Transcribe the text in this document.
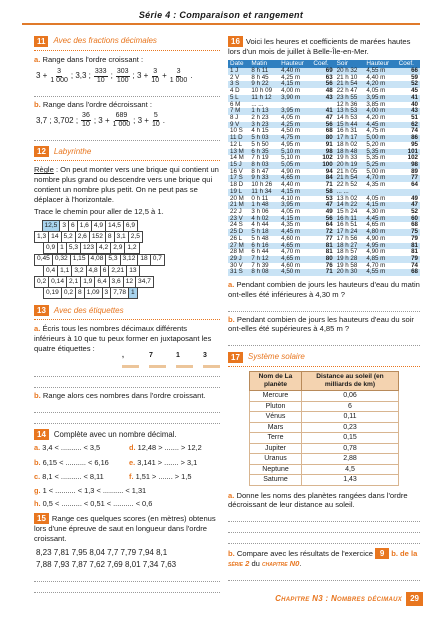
Série 4 : Comparaison et rangement
11	Avec des fractions décimales
a. Range dans l'ordre croissant :
$3 + \frac{3}{1 000}$ ; 3,3 ; $\frac{333}{10}$ ; $\frac{303}{100}$ ; $3 + \frac{3}{10} + \frac{3}{1 000}$ .
b. Range dans l'ordre décroissant :
3,7 ; 3,702 ; $\frac{36}{10}$ ; $3 + \frac{689}{1 000}$ ; $3 + \frac{5}{10}$ .
12	Labyrinthe
Règle : On peut monter vers une brique qui contient un nombre plus grand ou descendre vers une brique qui contient un nombre plus petit. On ne peut pas se déplacer à l'horizontale.
Trace le chemin pour aller de 12,5 à 1.
	12,5	3	6	1,6	4,9	14,5	6,9
1,3	14	5,2	2,6	152	8	3,1	2,5
0,9	1	5,3	123	4,2	2,9	1,2
0,45	0,32	1,15	4,08	5,3	3,12	18	0,7
0,4	1,1	3,2	4,8	6	2,21	13
0,2	0,14	2,1	1,9	6,4	3,6	12	34,7
0,19	0,2	8	1,09	3	7,78	1
13	Avec des étiquettes
a. Écris tous les nombres décimaux différents inférieurs à 10 que tu peux former en juxtaposant les quatre étiquettes :
,	7	1	3
b. Range alors ces nombres dans l'ordre croissant.
14	Complète avec un nombre décimal.
a. 3,4 < .......... < 3,5	d. 12,48 > ....... > 12,2
b. 6,15 < .......... < 6,16	e. 3,141 > ....... > 3,1
c. 8,1 < .......... < 8,11	f. 1,51 > ....... > 1,5
g. 1 < .......... < 1,3 < .......... < 1,31
h. 0,5 < .......... < 0,51 < .......... < 0,6
15 Range ces quelques scores (en mètres) obtenus lors d'une épreuve de saut en longueur dans l'ordre croissant.
8,23 7,81 7,95 8,04 7,7 7,79 7,94 8,1
7,88 7,93 7,87 7,62 7,69 8,01 7,34 7,63
16 Voici les heures et coefficients de marées hautes lors d'un mois de juillet à Belle-Île-en-Mer.
Date	Matin	Hauteur	Coef.	Soir	Hauteur	Coef.
1 J	8 h 11	4,40 m	69	20 h 32	4,55 m	66
2 V	8 h 45	4,25 m	63	21 h 10	4,40 m	59
3 S	9 h 22	4,15 m	56	21 h 54	4,20 m	52
4 D	10 h 09	4,00 m	48	22 h 47	4,05 m	45
5 L	11 h 12	3,90 m	43	23 h 55	3,95 m	41
6 M	... ...			12 h 36	3,85 m	40
7 M	1 h 13	3,95 m	41	13 h 53	4,00 m	43
8 J	2 h 23	4,05 m	47	14 h 53	4,20 m	51
9 V	3 h 23	4,25 m	56	15 h 44	4,45 m	62
10 S	4 h 15	4,50 m	68	16 h 31	4,75 m	74
11 D	5 h 03	4,75 m	80	17 h 17	5,00 m	86
12 L	5 h 50	4,95 m	91	18 h 02	5,20 m	95
13 M	6 h 35	5,10 m	98	18 h 48	5,35 m	101
14 M	7 h 19	5,10 m	102	19 h 33	5,35 m	102
15 J	8 h 03	5,05 m	100	20 h 19	5,25 m	98
16 V	8 h 47	4,90 m	94	21 h 05	5,00 m	89
17 S	9 h 33	4,65 m	84	21 h 54	4,70 m	77
18 D	10 h 26	4,40 m	71	22 h 52	4,35 m	64
19 L	11 h 34	4,15 m	58	... ...		
20 M	0 h 11	4,10 m	53	13 h 02	4,05 m	49
21 M	1 h 48	3,95 m	47	14 h 22	4,15 m	47
22 J	3 h 06	4,05 m	49	15 h 24	4,30 m	52
23 V	4 h 02	4,15 m	56	16 h 11	4,45 m	60
24 S	4 h 44	4,35 m	64	16 h 51	4,65 m	68
25 D	5 h 18	4,45 m	72	17 h 24	4,80 m	75
26 L	5 h 48	4,60 m	77	17 h 56	4,90 m	79
27 M	6 h 16	4,65 m	81	18 h 27	4,95 m	81
28 M	6 h 44	4,70 m	81	18 h 57	4,90 m	81
29 J	7 h 12	4,65 m	80	19 h 28	4,85 m	79
30 V	7 h 39	4,60 m	76	19 h 58	4,70 m	74
31 S	8 h 08	4,50 m	71	20 h 30	4,55 m	68
a. Pendant combien de jours les hauteurs d'eau du matin ont-elles été inférieures à 4,30 m ?
b. Pendant combien de jours les hauteurs d'eau du soir ont-elles été supérieures à 4,85 m ?
17	Système solaire
Nom de La planète	Distance au soleil (en milliards de km)
Mercure	0,06
Pluton	6
Vénus	0,11
Mars	0,23
Terre	0,15
Jupiter	0,78
Uranus	2,88
Neptune	4,5
Saturne	1,43
a. Donne les noms des planètes rangées dans l'ordre décroissant de leur distance au soleil.
b. Compare avec les résultats de l'exercice 9 b. de la série 2 du chapitre N0.
Chapitre N3 : Nombres décimaux	29
